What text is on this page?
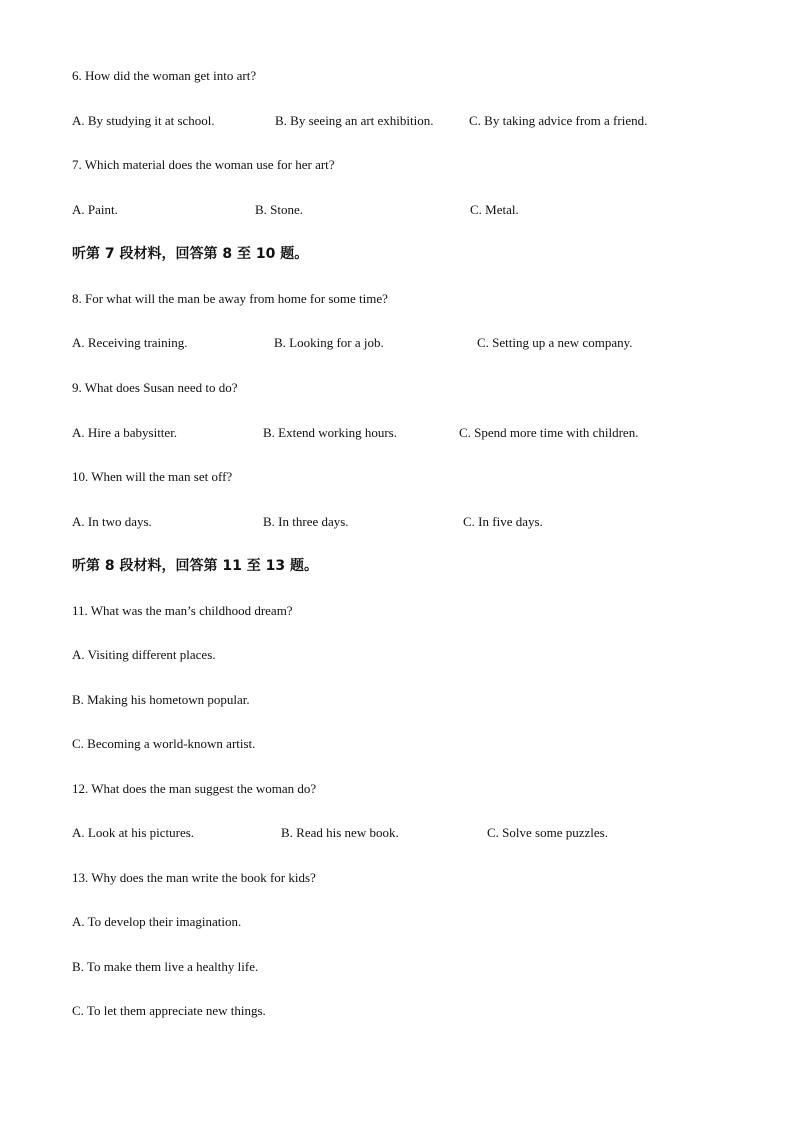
6. How did the woman get into art?
A. By studying it at school.	B. By seeing an art exhibition.	C. By taking advice from a friend.
7. Which material does the woman use for her art?
A. Paint.	B. Stone.	C. Metal.
听第 7 段材料，回答第 8 至 10 题。
8. For what will the man be away from home for some time?
A. Receiving training.	B. Looking for a job.	C. Setting up a new company.
9. What does Susan need to do?
A. Hire a babysitter.	B. Extend working hours.	C. Spend more time with children.
10. When will the man set off?
A. In two days.	B. In three days.	C. In five days.
听第 8 段材料，回答第 11 至 13 题。
11. What was the man’s childhood dream?
A. Visiting different places.
B. Making his hometown popular.
C. Becoming a world-known artist.
12. What does the man suggest the woman do?
A. Look at his pictures.	B. Read his new book.	C. Solve some puzzles.
13. Why does the man write the book for kids?
A. To develop their imagination.
B. To make them live a healthy life.
C. To let them appreciate new things.
